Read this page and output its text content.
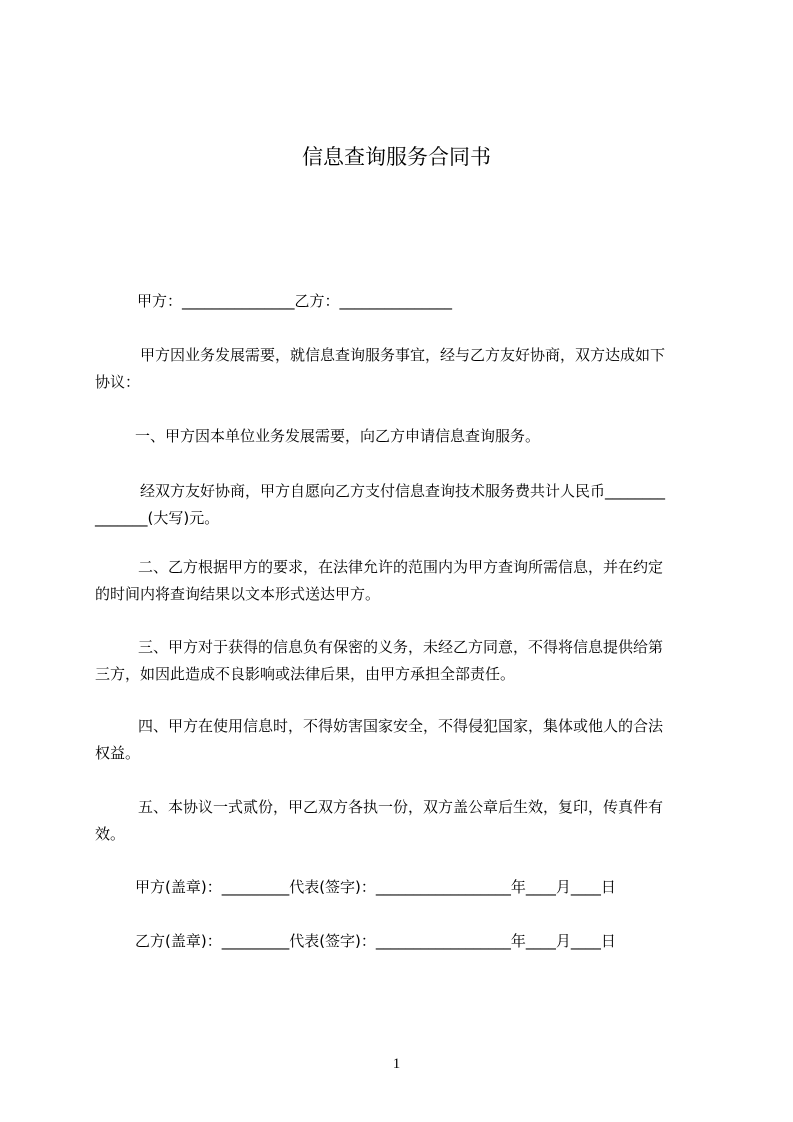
信息查询服务合同书
甲方：_______________乙方：_______________
甲方因业务发展需要，就信息查询服务事宜，经与乙方友好协商，双方达成如下
协议：
一、甲方因本单位业务发展需要，向乙方申请信息查询服务。
经双方友好协商，甲方自愿向乙方支付信息查询技术服务费共计人民币________
_______(大写)元。
二、乙方根据甲方的要求，在法律允许的范围内为甲方查询所需信息，并在约定
的时间内将查询结果以文本形式送达甲方。
三、甲方对于获得的信息负有保密的义务，未经乙方同意，不得将信息提供给第
三方，如因此造成不良影响或法律后果，由甲方承担全部责任。
四、甲方在使用信息时，不得妨害国家安全，不得侵犯国家，集体或他人的合法
权益。
五、本协议一式贰份，甲乙双方各执一份，双方盖公章后生效，复印，传真件有
效。
甲方(盖章)：_________代表(签字)：__________________年____月____日
乙方(盖章)：_________代表(签字)：__________________年____月____日
1
